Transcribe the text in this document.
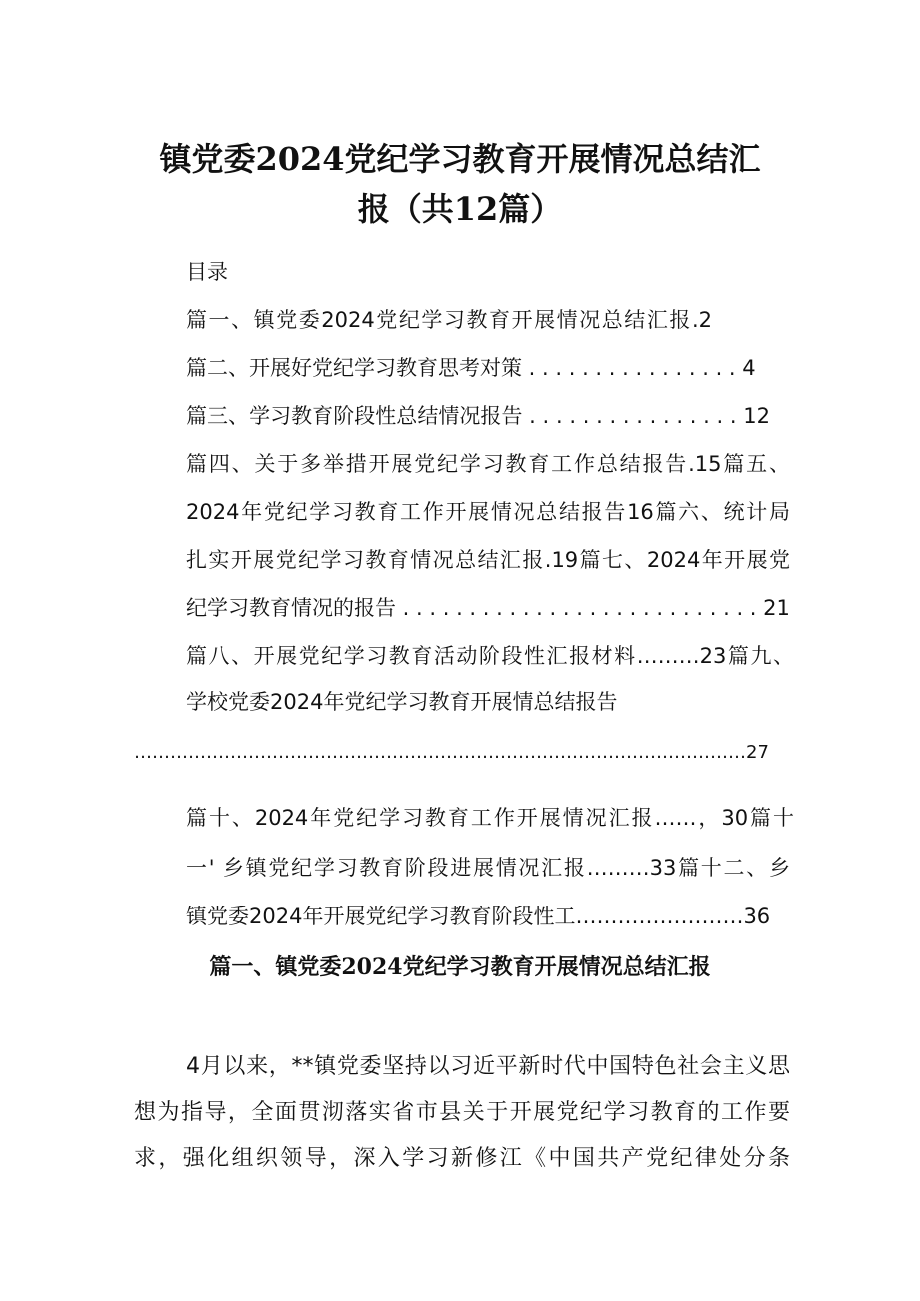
镇党委2024党纪学习教育开展情况总结汇
报（共12篇）
目录
篇一、镇党委2024党纪学习教育开展情况总结汇报.2
篇二、开展好党纪学习教育思考对策 . . . . . . . . . . . . . . . . 4
篇三、学习教育阶段性总结情况报告 . . . . . . . . . . . . . . . . 12
篇四、关于多举措开展党纪学习教育工作总结报告.15篇五、
2024年党纪学习教育工作开展情况总结报告16篇六、统计局
扎实开展党纪学习教育情况总结汇报.19篇七、2024年开展党
纪学习教育情况的报告 . . . . . . . . . . . . . . . . . . . . . . . . . . . 21
篇八、开展党纪学习教育活动阶段性汇报材料………23篇九、
学校党委2024年党纪学习教育开展情总结报告
…………………………………………………………………………………………27
篇十、2024年党纪学习教育工作开展情况汇报……，30篇十
一' 乡镇党纪学习教育阶段进展情况汇报………33篇十二、乡
镇党委2024年开展党纪学习教育阶段性工……………………36
篇一、镇党委2024党纪学习教育开展情况总结汇报
4月以来，**镇党委坚持以习近平新时代中国特色社会主义思
想为指导，全面贯沏落实省市县关于开展党纪学习教育的工作要
求，强化组织领导，深入学习新修江《中国共产党纪律处分条
